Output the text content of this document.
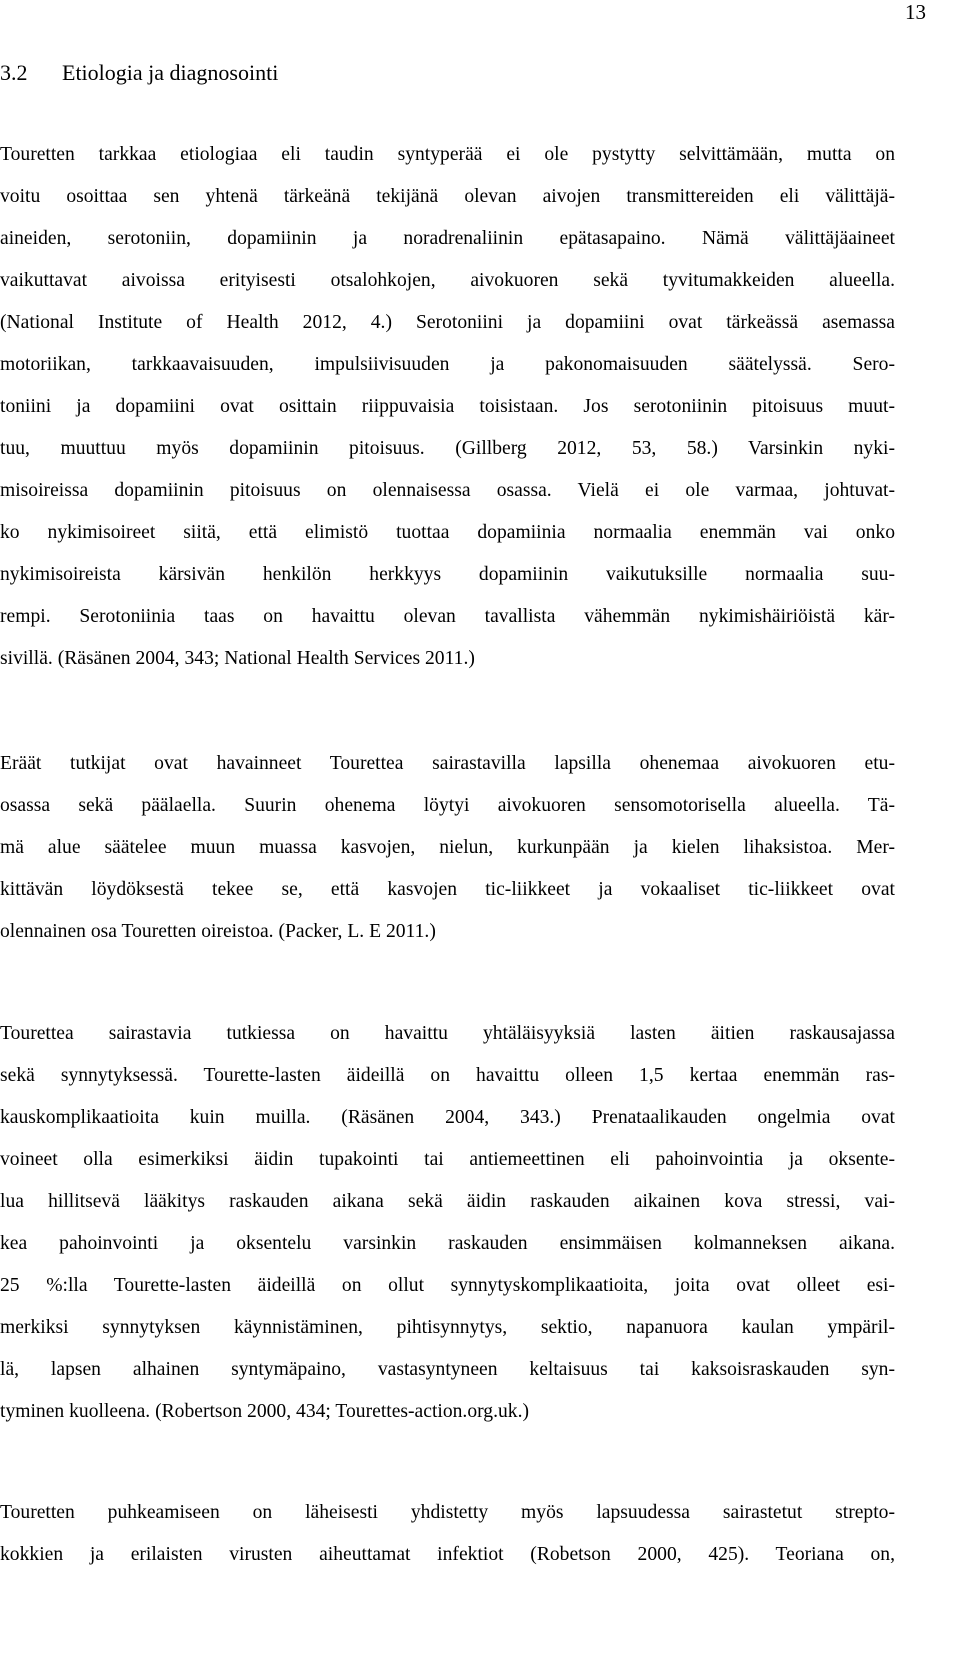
13
3.2 Etiologia ja diagnosointi
Touretten tarkkaa etiologiaa eli taudin syntyperää ei ole pystytty selvittämään, mutta on
voitu osoittaa sen yhtenä tärkeänä tekijänä olevan aivojen transmittereiden eli välittäjä-
aineiden, serotoniin, dopamiinin ja noradrenaliinin epätasapaino. Nämä välittäjäaineet
vaikuttavat aivoissa erityisesti otsalohkojen, aivokuoren sekä tyvitumakkeiden alueella.
(National Institute of Health 2012, 4.) Serotoniini ja dopamiini ovat tärkeässä asemassa
motoriikan, tarkkaavaisuuden, impulsiivisuuden ja pakonomaisuuden säätelyssä. Sero-
toniini ja dopamiini ovat osittain riippuvaisia toisistaan. Jos serotoniinin pitoisuus muut-
tuu, muuttuu myös dopamiinin pitoisuus. (Gillberg 2012, 53, 58.) Varsinkin nyki-
misoireissa dopamiinin pitoisuus on olennaisessa osassa. Vielä ei ole varmaa, johtuvat-
ko nykimisoireet siitä, että elimistö tuottaa dopamiinia normaalia enemmän vai onko
nykimisoireista kärsivän henkilön herkkyys dopamiinin vaikutuksille normaalia suu-
rempi. Serotoniinia taas on havaittu olevan tavallista vähemmän nykimishäiriöistä kär-
sivillä. (Räsänen 2004, 343; National Health Services 2011.)
Eräät tutkijat ovat havainneet Tourettea sairastavilla lapsilla ohenemaa aivokuoren etu-
osassa sekä päälaella. Suurin ohenema löytyi aivokuoren sensomotorisella alueella. Tä-
mä alue säätelee muun muassa kasvojen, nielun, kurkunpään ja kielen lihaksistoa. Mer-
kittävän löydöksestä tekee se, että kasvojen tic-liikkeet ja vokaaliset tic-liikkeet ovat
olennainen osa Touretten oireistoa. (Packer, L. E 2011.)
Tourettea sairastavia tutkiessa on havaittu yhtäläisyyksiä lasten äitien raskausajassa
sekä synnytyksessä. Tourette-lasten äideillä on havaittu olleen 1,5 kertaa enemmän ras-
kauskomplikaatioita kuin muilla. (Räsänen 2004, 343.) Prenataalikauden ongelmia ovat
voineet olla esimerkiksi äidin tupakointi tai antiemeettinen eli pahoinvointia ja oksente-
lua hillitsevä lääkitys raskauden aikana sekä äidin raskauden aikainen kova stressi, vai-
kea pahoinvointi ja oksentelu varsinkin raskauden ensimmäisen kolmanneksen aikana.
25 %:lla Tourette-lasten äideillä on ollut synnytyskomplikaatioita, joita ovat olleet esi-
merkiksi synnytyksen käynnistäminen, pihtisynnytys, sektio, napanuora kaulan ympäril-
lä, lapsen alhainen syntymäpaino, vastasyntyneen keltaisuus tai kaksoisraskauden syn-
tyminen kuolleena. (Robertson 2000, 434; Tourettes-action.org.uk.)
Touretten puhkeamiseen on läheisesti yhdistetty myös lapsuudessa sairastetut strepto-
kokkien ja erilaisten virusten aiheuttamat infektiot (Robetson 2000, 425). Teoriana on,
